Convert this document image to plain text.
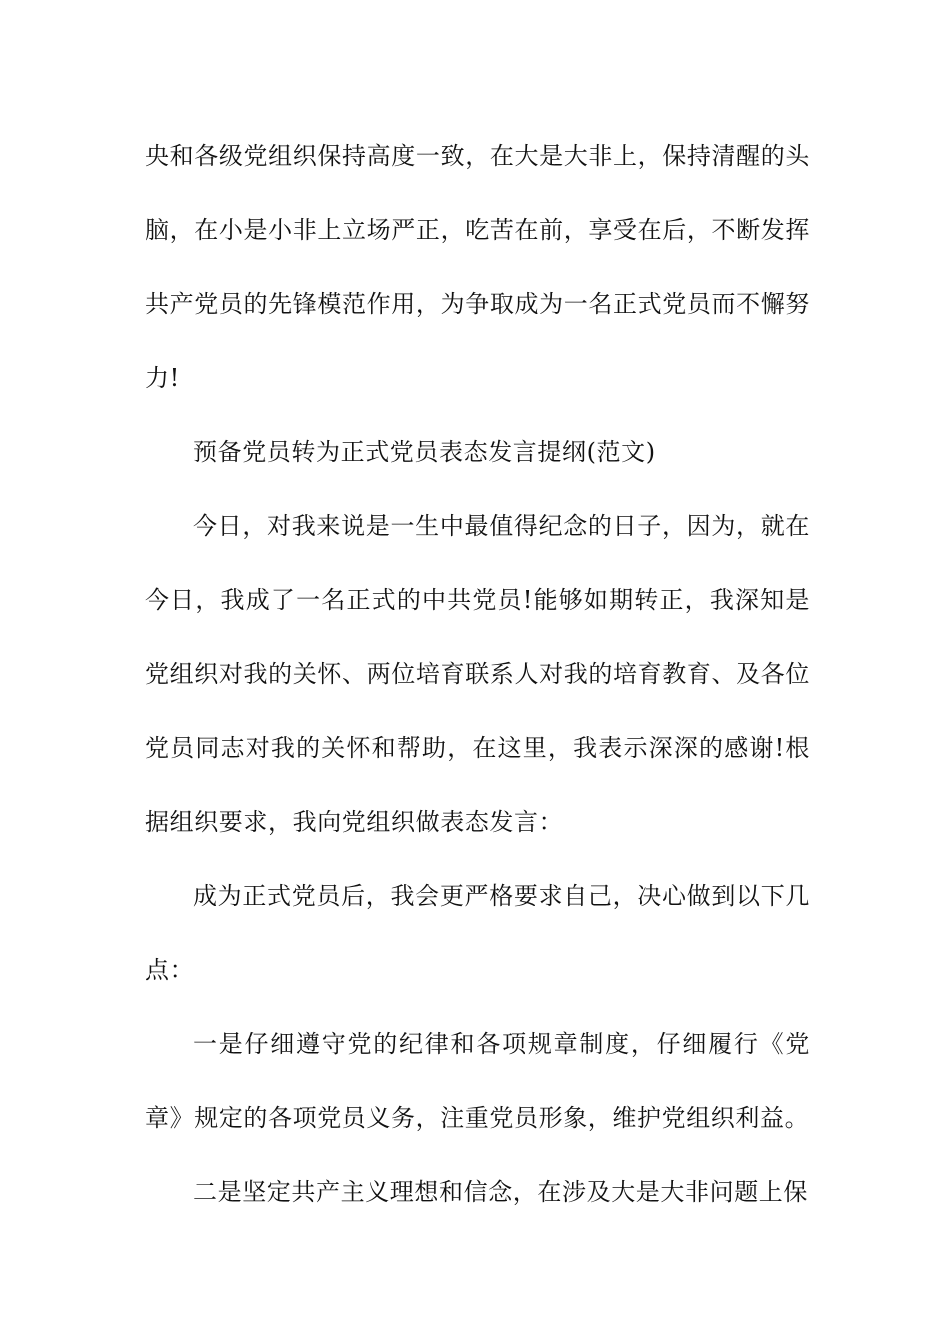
央和各级党组织保持高度一致，在大是大非上，保持清醒的头脑，在小是小非上立场严正，吃苦在前，享受在后，不断发挥共产党员的先锋模范作用，为争取成为一名正式党员而不懈努力!

预备党员转为正式党员表态发言提纲(范文)

今日，对我来说是一生中最值得纪念的日子，因为，就在今日，我成了一名正式的中共党员!能够如期转正，我深知是党组织对我的关怀、两位培育联系人对我的培育教育、及各位党员同志对我的关怀和帮助，在这里，我表示深深的感谢!根据组织要求，我向党组织做表态发言：

成为正式党员后，我会更严格要求自己，决心做到以下几点：

一是仔细遵守党的纪律和各项规章制度，仔细履行《党章》规定的各项党员义务，注重党员形象，维护党组织利益。

二是坚定共产主义理想和信念，在涉及大是大非问题上保
